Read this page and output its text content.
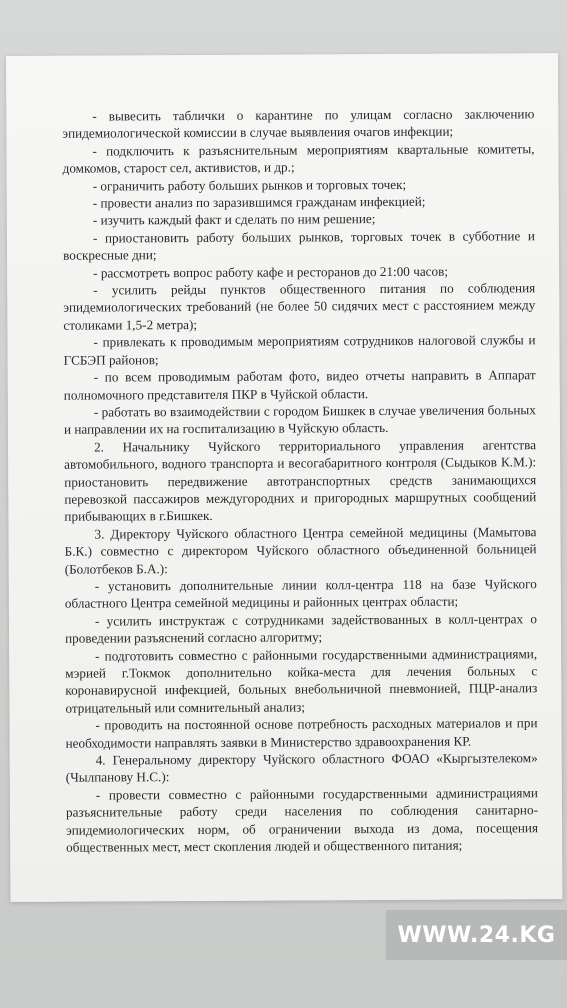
- вывесить таблички о карантине по улицам согласно заключению эпидемиологической комиссии в случае выявления очагов инфекции;

- подключить к разъяснительным мероприятиям квартальные комитеты, домкомов, старост сел, активистов, и др.;

- ограничить работу больших рынков и торговых точек;

- провести анализ по заразившимся гражданам инфекцией;

- изучить каждый факт и сделать по ним решение;

- приостановить работу больших рынков, торговых точек в субботние и воскресные дни;

- рассмотреть вопрос работу кафе и ресторанов до 21:00 часов;

- усилить рейды пунктов общественного питания по соблюдения эпидемиологических требований (не более 50 сидячих мест с расстоянием между столиками 1,5-2 метра);

- привлекать к проводимым мероприятиям сотрудников налоговой службы и ГСБЭП районов;

- по всем проводимым работам фото, видео отчеты направить в Аппарат полномочного представителя ПКР в Чуйской области.

- работать во взаимодействии с городом Бишкек в случае увеличения больных и направлении их на госпитализацию в Чуйскую область.

2. Начальнику Чуйского территориального управления агентства автомобильного, водного транспорта и весогабаритного контроля (Сыдыков К.М.): приостановить передвижение автотранспортных средств занимающихся перевозкой пассажиров междугородних и пригородных маршрутных сообщений прибывающих в г.Бишкек.

3. Директору Чуйского областного Центра семейной медицины (Мамытова Б.К.) совместно с директором Чуйского областного объединенной больницей (Болотбеков Б.А.):

- установить дополнительные линии колл-центра 118 на базе Чуйского областного Центра семейной медицины и районных центрах области;

- усилить инструктаж с сотрудниками задействованных в колл-центрах о проведении разъяснений согласно алгоритму;

- подготовить совместно с районными государственными администрациями, мэрией г.Токмок дополнительно койка-места для лечения больных с коронавирусной инфекцией, больных внебольничной пневмонией, ПЦР-анализ отрицательный или сомнительный анализ;

- проводить на постоянной основе потребность расходных материалов и при необходимости направлять заявки в Министерство здравоохранения КР.

4. Генеральному директору Чуйского областного ФОАО «Кыргызтелеком» (Чылпанову Н.С.):

- провести совместно с районными государственными администрациями разъяснительные работу среди населения по соблюдения санитарно-эпидемиологических норм, об ограничении выхода из дома, посещения общественных мест, мест скопления людей и общественного питания;

WWW.24.KG
